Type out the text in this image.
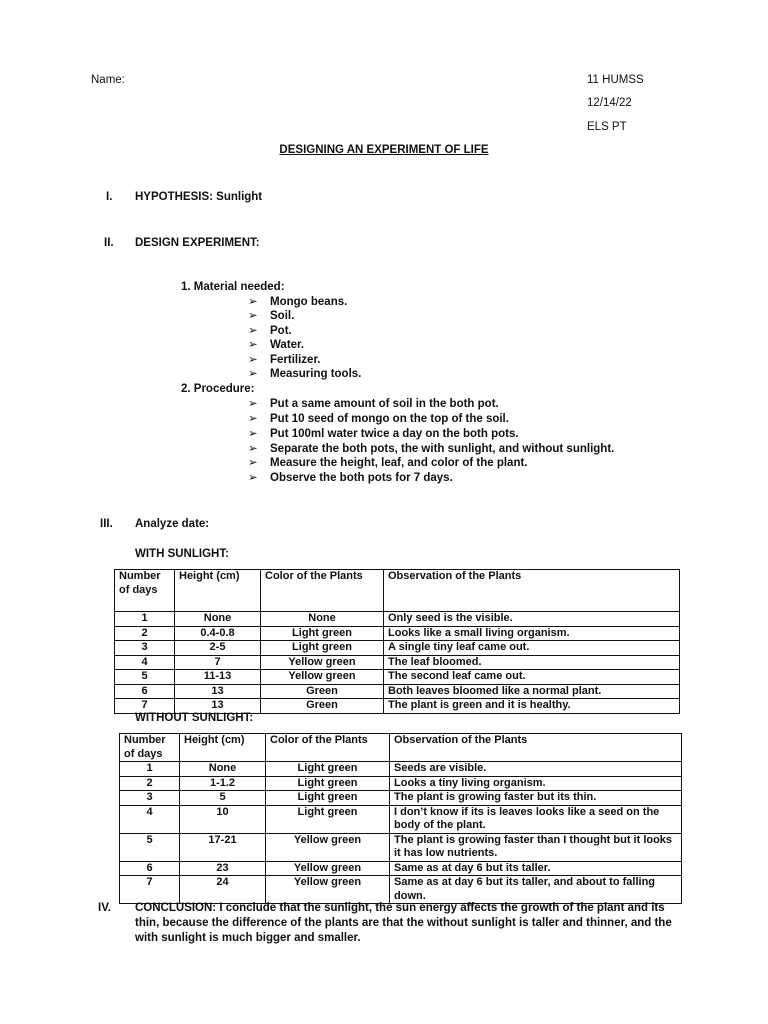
Name:	11 HUMSS
12/14/22
ELS PT
DESIGNING AN EXPERIMENT OF LIFE
I. HYPOTHESIS: Sunlight
II. DESIGN EXPERIMENT:
1. Material needed:
➢ Mongo beans.
➢ Soil.
➢ Pot.
➢ Water.
➢ Fertilizer.
➢ Measuring tools.
2. Procedure:
➢ Put a same amount of soil in the both pot.
➢ Put 10 seed of mongo on the top of the soil.
➢ Put 100ml water twice a day on the both pots.
➢ Separate the both pots, the with sunlight, and without sunlight.
➢ Measure the height, leaf, and color of the plant.
➢ Observe the both pots for 7 days.
III. Analyze date:
WITH SUNLIGHT:
Number of days	Height (cm)	Color of the Plants	Observation of the Plants
1	None	None	Only seed is the visible.
2	0.4-0.8	Light green	Looks like a small living organism.
3	2-5	Light green	A single tiny leaf came out.
4	7	Yellow green	The leaf bloomed.
5	11-13	Yellow green	The second leaf came out.
6	13	Green	Both leaves bloomed like a normal plant.
7	13	Green	The plant is green and it is healthy.
WITHOUT SUNLIGHT:
Number of days	Height (cm)	Color of the Plants	Observation of the Plants
1	None	Light green	Seeds are visible.
2	1-1.2	Light green	Looks a tiny living organism.
3	5	Light green	The plant is growing faster but its thin.
4	10	Light green	I don’t know if its is leaves looks like a seed on the body of the plant.
5	17-21	Yellow green	The plant is growing faster than I thought but it looks it has low nutrients.
6	23	Yellow green	Same as at day 6 but its taller.
7	24	Yellow green	Same as at day 6 but its taller, and about to falling down.
IV. CONCLUSION: I conclude that the sunlight, the sun energy affects the growth of the plant and its thin, because the difference of the plants are that the without sunlight is taller and thinner, and the with sunlight is much bigger and smaller.
